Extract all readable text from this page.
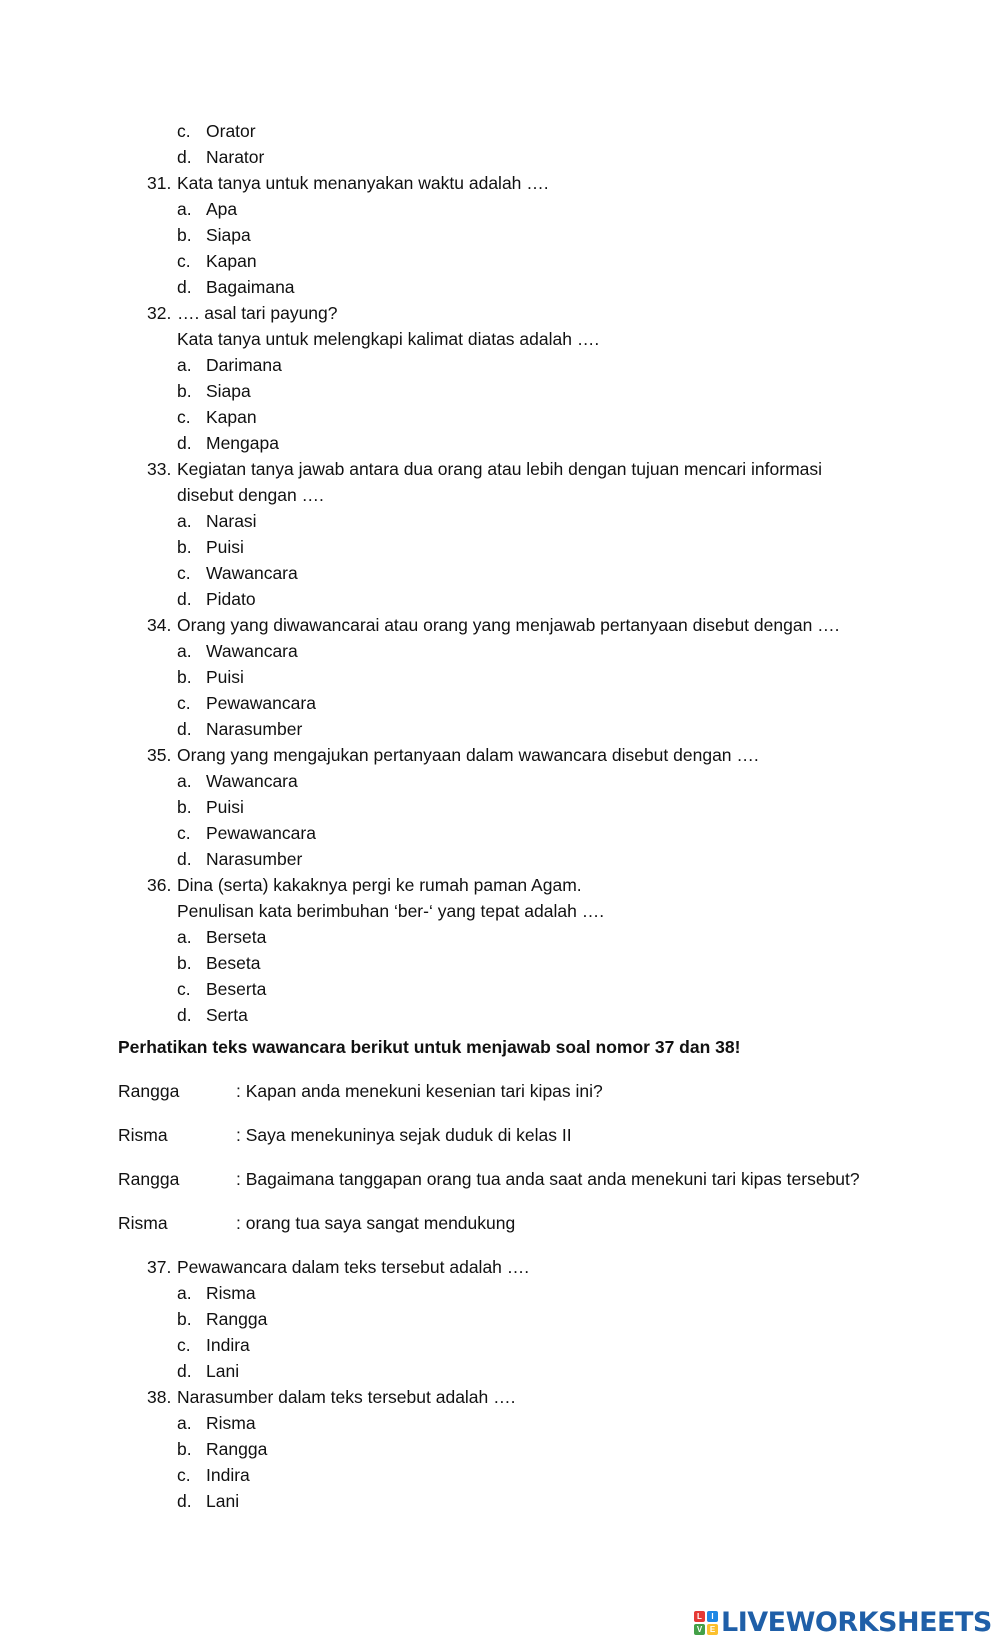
c. Orator
d. Narator
31. Kata tanya untuk menanyakan waktu adalah ….
a. Apa
b. Siapa
c. Kapan
d. Bagaimana
32. …. asal tari payung?
Kata tanya untuk melengkapi kalimat diatas adalah ….
a. Darimana
b. Siapa
c. Kapan
d. Mengapa
33. Kegiatan tanya jawab antara dua orang atau lebih dengan tujuan mencari informasi
disebut dengan ….
a. Narasi
b. Puisi
c. Wawancara
d. Pidato
34. Orang yang diwawancarai atau orang yang menjawab pertanyaan disebut dengan ….
a. Wawancara
b. Puisi
c. Pewawancara
d. Narasumber
35. Orang yang mengajukan pertanyaan dalam wawancara disebut dengan ….
a. Wawancara
b. Puisi
c. Pewawancara
d. Narasumber
36. Dina (serta) kakaknya pergi ke rumah paman Agam.
Penulisan kata berimbuhan ‘ber-‘ yang tepat adalah ….
a. Berseta
b. Beseta
c. Beserta
d. Serta
Rangga	: Kapan anda menekuni kesenian tari kipas ini?
Risma	: Saya menekuninya sejak duduk di kelas II
Rangga	: Bagaimana tanggapan orang tua anda saat anda menekuni tari kipas tersebut?
Risma	: orang tua saya sangat mendukung
37. Pewawancara dalam teks tersebut adalah ….
a. Risma
b. Rangga
c. Indira
d. Lani
38. Narasumber dalam teks tersebut adalah ….
a. Risma
b. Rangga
c. Indira
d. Lani
Perhatikan teks wawancara berikut untuk menjawab soal nomor 37 dan 38!
L	I
V E LIVEWORKSHEETS
